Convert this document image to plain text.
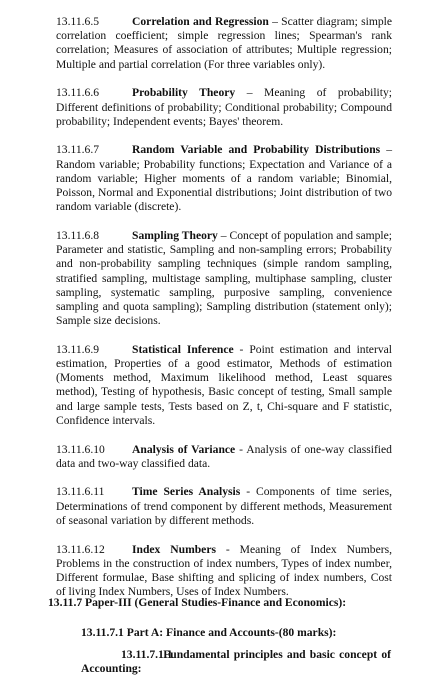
13.11.6.5	Correlation and Regression – Scatter diagram; simple correlation coefficient; simple regression lines; Spearman's rank correlation; Measures of association of attributes; Multiple regression; Multiple and partial correlation (For three variables only).

13.11.6.6	Probability Theory – Meaning of probability; Different definitions of probability; Conditional probability; Compound probability; Independent events; Bayes' theorem.

13.11.6.7	Random Variable and Probability Distributions – Random variable; Probability functions; Expectation and Variance of a random variable; Higher moments of a random variable; Binomial, Poisson, Normal and Exponential distributions; Joint distribution of two random variable (discrete).

13.11.6.8	Sampling Theory – Concept of population and sample; Parameter and statistic, Sampling and non-sampling errors; Probability and non-probability sampling techniques (simple random sampling, stratified sampling, multistage sampling, multiphase sampling, cluster sampling, systematic sampling, purposive sampling, convenience sampling and quota sampling); Sampling distribution (statement only); Sample size decisions.

13.11.6.9	Statistical Inference - Point estimation and interval estimation, Properties of a good estimator, Methods of estimation (Moments method, Maximum likelihood method, Least squares method), Testing of hypothesis, Basic concept of testing, Small sample and large sample tests, Tests based on Z, t, Chi-square and F statistic, Confidence intervals.

13.11.6.10 Analysis of Variance - Analysis of one-way classified data and two-way classified data.

13.11.6.11 Time Series Analysis - Components of time series, Determinations of trend component by different methods, Measurement of seasonal variation by different methods.

13.11.6.12 Index Numbers - Meaning of Index Numbers, Problems in the construction of index numbers, Types of index number, Different formulae, Base shifting and splicing of index numbers, Cost of living Index Numbers, Uses of Index Numbers.

13.11.7 Paper-III (General Studies-Finance and Economics):

13.11.7.1 Part A: Finance and Accounts-(80 marks):

13.11.7.1.1 Fundamental principles and basic concept of Accounting:
